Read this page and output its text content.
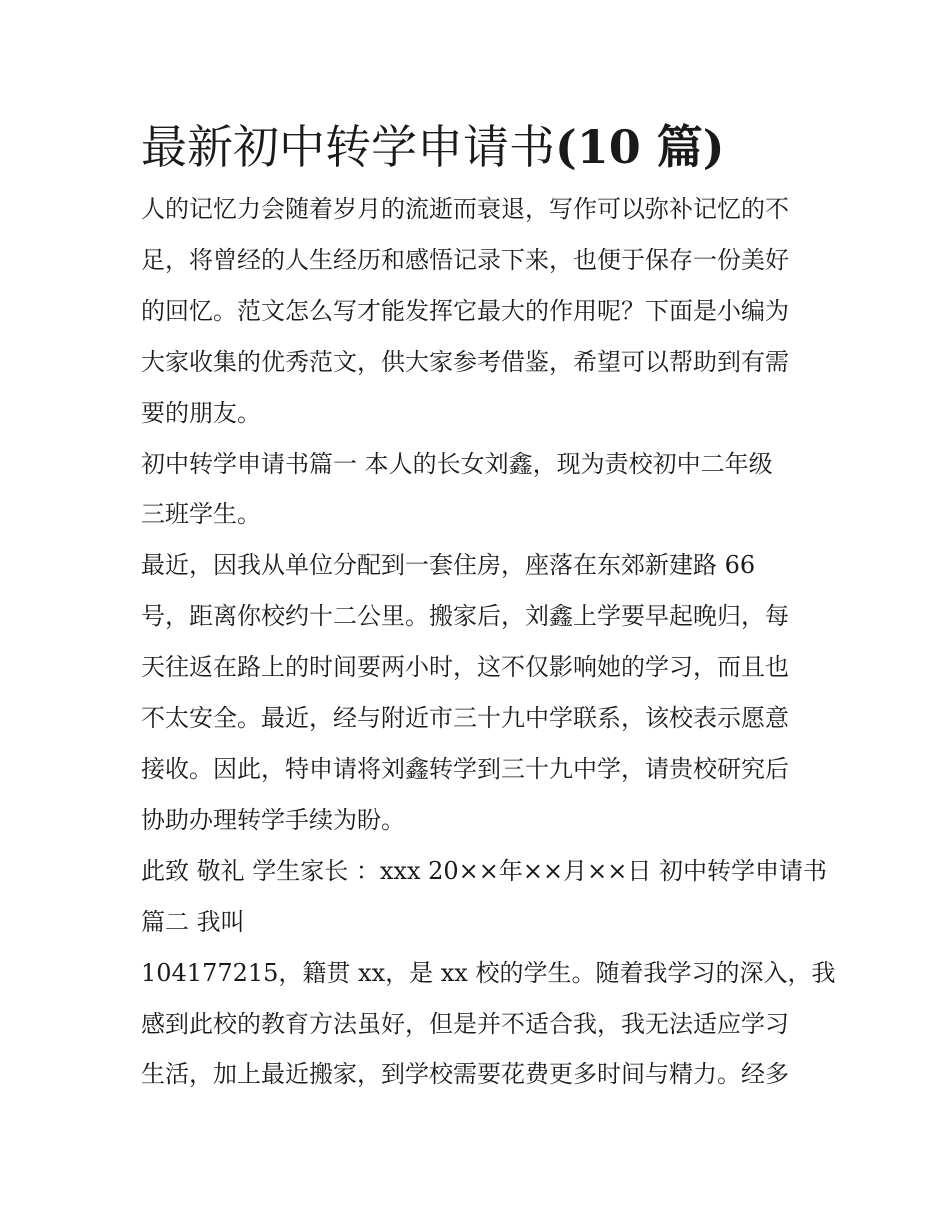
最新初中转学申请书(10 篇)

人的记忆力会随着岁月的流逝而衰退，写作可以弥补记忆的不

足，将曾经的人生经历和感悟记录下来，也便于保存一份美好

的回忆。范文怎么写才能发挥它最大的作用呢？下面是小编为

大家收集的优秀范文，供大家参考借鉴，希望可以帮助到有需

要的朋友。

初中转学申请书篇一 本人的长女刘鑫，现为责校初中二年级

三班学生。

最近，因我从单位分配到一套住房，座落在东郊新建路 66

号，距离你校约十二公里。搬家后，刘鑫上学要早起晚归，每

天往返在路上的时间要两小时，这不仅影响她的学习，而且也

不太安全。最近，经与附近市三十九中学联系，该校表示愿意

接收。因此，特申请将刘鑫转学到三十九中学，请贵校研究后

协助办理转学手续为盼。

此致 敬礼 学生家长 ：xxx 20××年××月××日 初中转学申请书

篇二 我叫

104177215，籍贯 xx，是 xx 校的学生。随着我学习的深入，我

感到此校的教育方法虽好，但是并不适合我，我无法适应学习

生活，加上最近搬家，到学校需要花费更多时间与精力。经多
